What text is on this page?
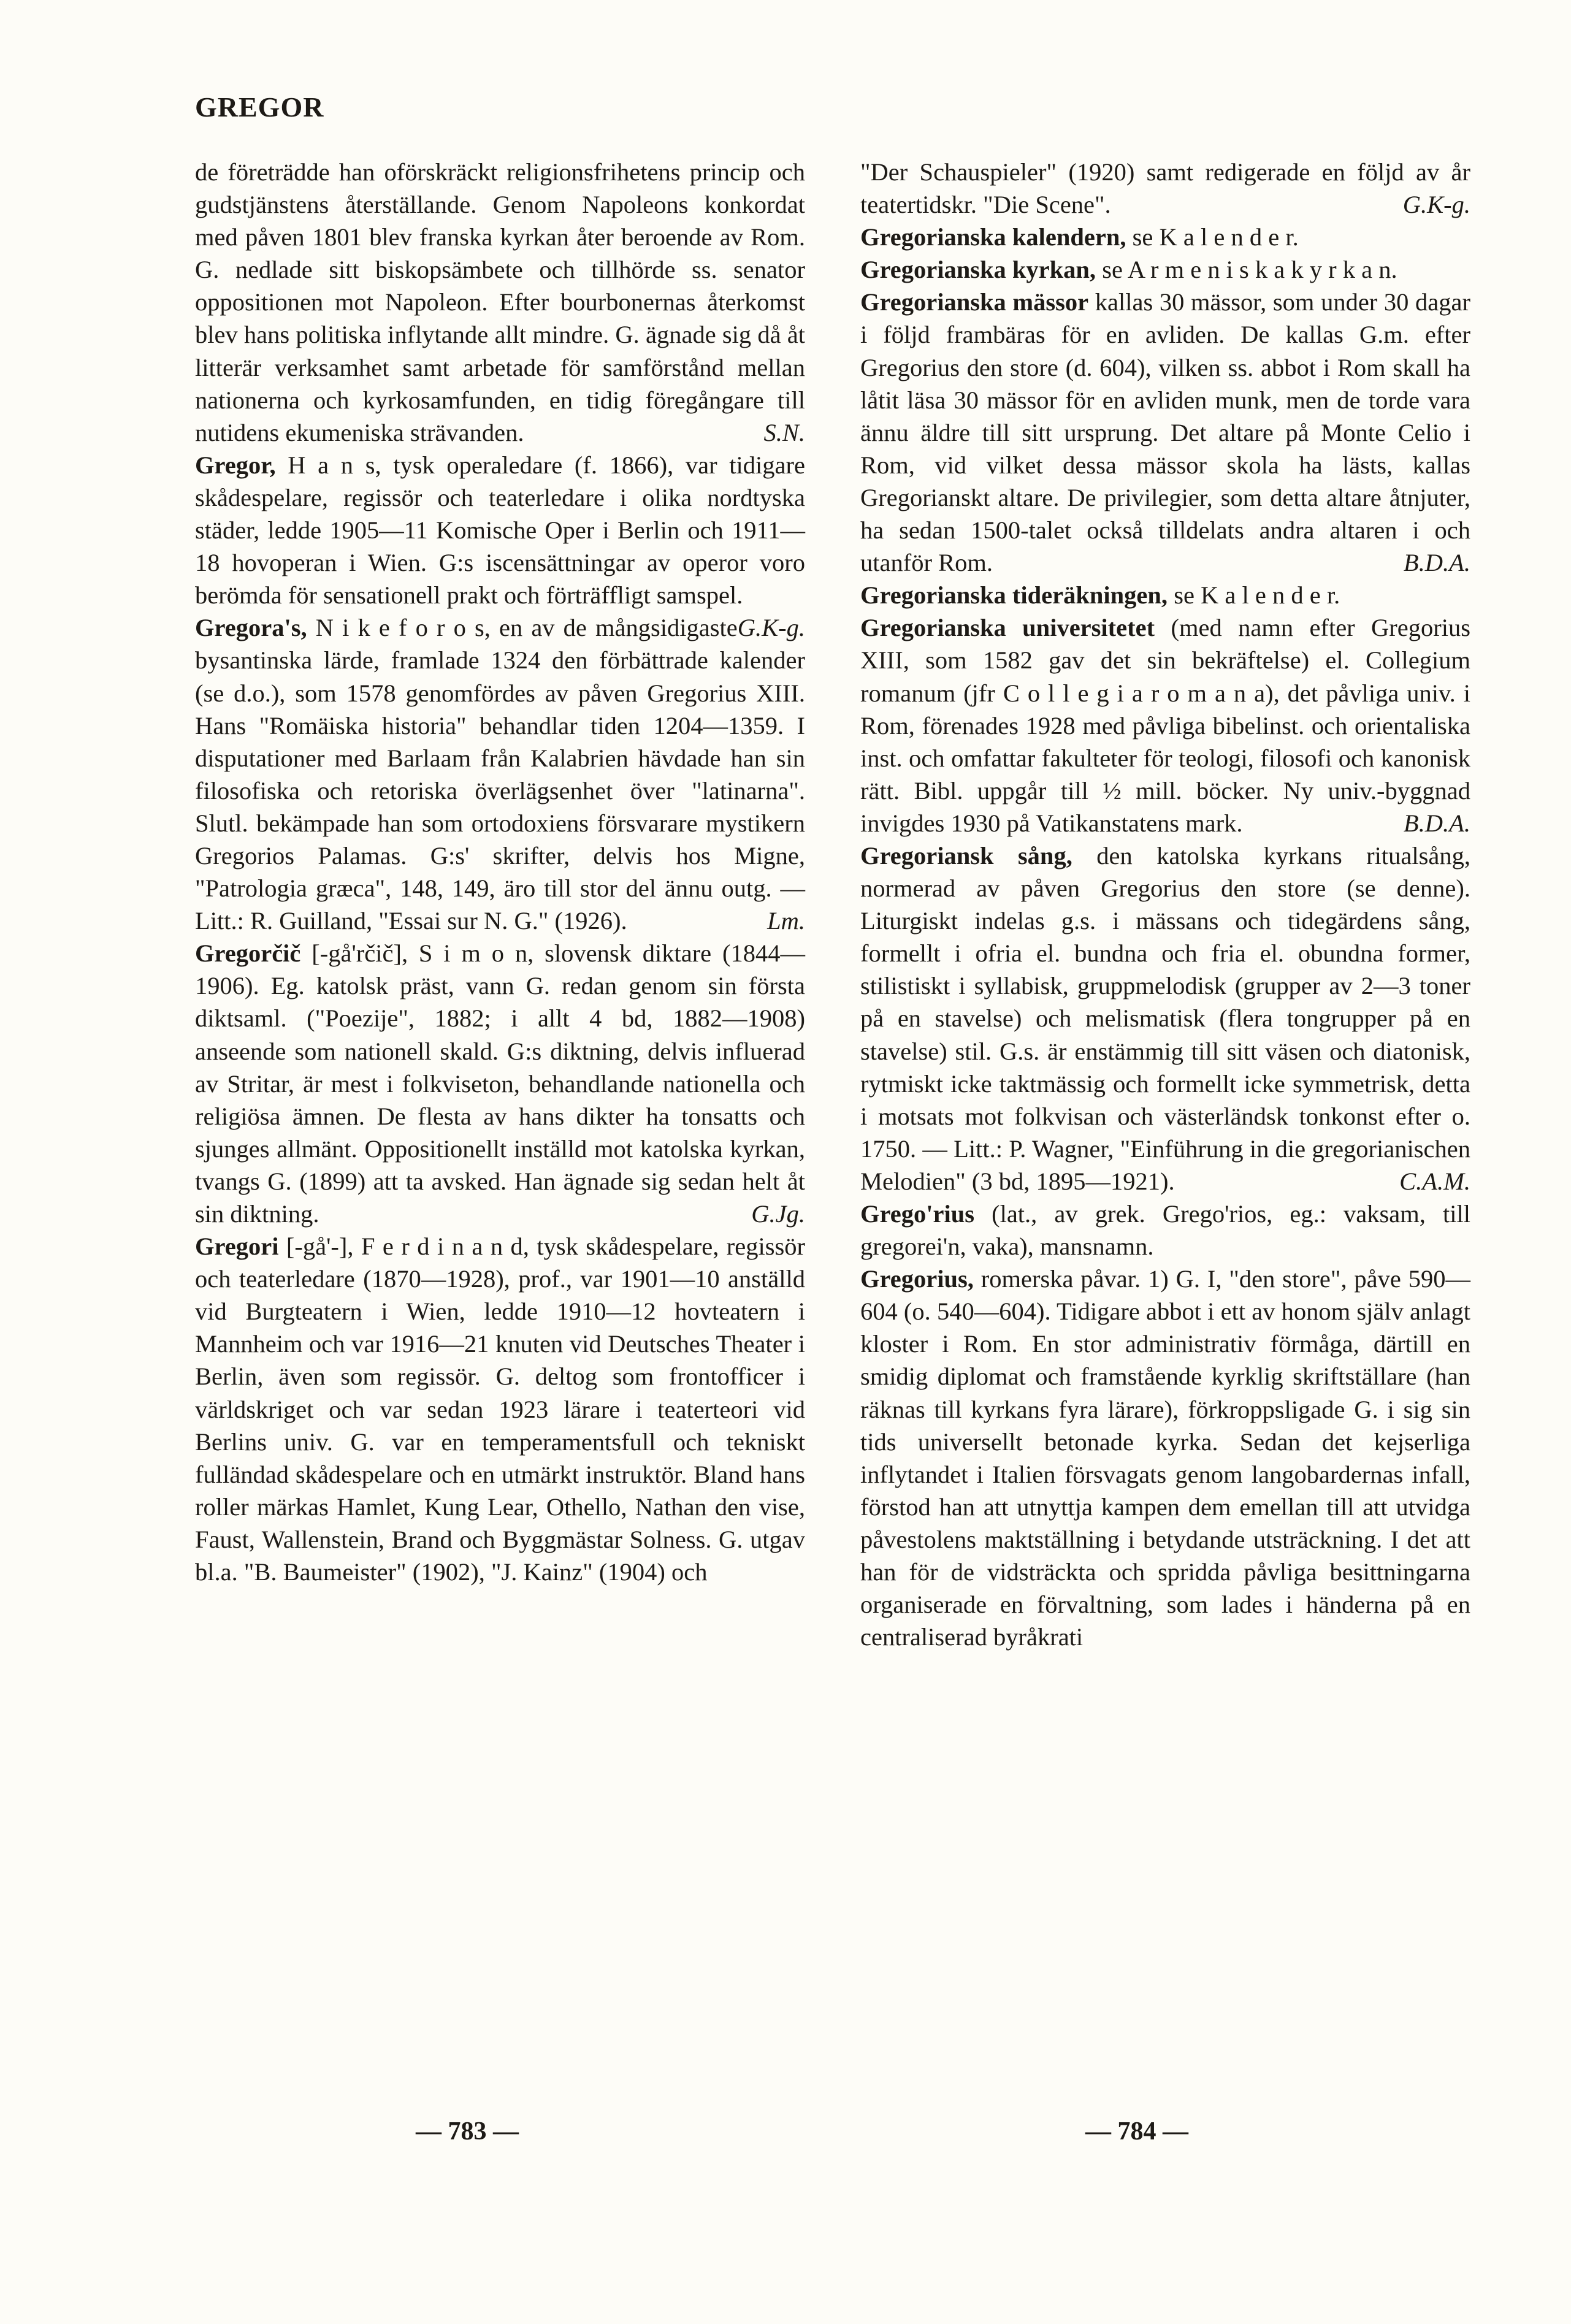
GREGOR

de företrädde han oförskräckt religionsfrihetens princip och gudstjänstens återställande. Genom Napoleons konkordat med påven 1801 blev franska kyrkan åter beroende av Rom. G. nedlade sitt biskopsämbete och tillhörde ss. senator oppositionen mot Napoleon. Efter bourbonernas återkomst blev hans politiska inflytande allt mindre. G. ägnade sig då åt litterär verksamhet samt arbetade för samförstånd mellan nationerna och kyrkosamfunden, en tidig föregångare till nutidens ekumeniska strävanden.	S.N.

Gregor, H a n s, tysk operaledare (f. 1866), var tidigare skådespelare, regissör och teaterledare i olika nordtyska städer, ledde 1905—11 Komische Oper i Berlin och 1911—18 hovoperan i Wien. G:s iscensättningar av operor voro berömda för sensationell prakt och förträffligt samspel.
G.K-g.

Gregora's, N i k e f o r o s, en av de mångsidigaste bysantinska lärde, framlade 1324 den förbättrade kalender (se d.o.), som 1578 genomfördes av påven Gregorius XIII. Hans "Romäiska historia" behandlar tiden 1204—1359. I disputationer med Barlaam från Kalabrien hävdade han sin filosofiska och retoriska överlägsenhet över "latinarna". Slutl. bekämpade han som ortodoxiens försvarare mystikern Gregorios Palamas. G:s' skrifter, delvis hos Migne, "Patrologia græca", 148, 149, äro till stor del ännu outg. — Litt.: R. Guilland, "Essai sur N. G." (1926).	Lm.

Gregorčič [-gå'rčič], S i m o n, slovensk diktare (1844—1906). Eg. katolsk präst, vann G. redan genom sin första diktsaml. ("Poezije", 1882; i allt 4 bd, 1882—1908) anseende som nationell skald. G:s diktning, delvis influerad av Stritar, är mest i folkviseton, behandlande nationella och religiösa ämnen. De flesta av hans dikter ha tonsatts och sjunges allmänt. Oppositionellt inställd mot katolska kyrkan, tvangs G. (1899) att ta avsked. Han ägnade sig sedan helt åt sin diktning.	G.Jg.

Gregori [-gå'-], F e r d i n a n d, tysk skådespelare, regissör och teaterledare (1870—1928), prof., var 1901—10 anställd vid Burgteatern i Wien, ledde 1910—12 hovteatern i Mannheim och var 1916—21 knuten vid Deutsches Theater i Berlin, även som regissör. G. deltog som frontofficer i världskriget och var sedan 1923 lärare i teaterteori vid Berlins univ. G. var en temperamentsfull och tekniskt fulländad skådespelare och en utmärkt instruktör. Bland hans roller märkas Hamlet, Kung Lear, Othello, Nathan den vise, Faust, Wallenstein, Brand och Byggmästar Solness. G. utgav bl.a. "B. Baumeister" (1902), "J. Kainz" (1904) och

"Der Schauspieler" (1920) samt redigerade en följd av år teatertidskr. "Die Scene".	G.K-g.

Gregorianska kalendern, se K a l e n d e r.

Gregorianska kyrkan, se A r m e n i s k a k y r k a n.

Gregorianska mässor kallas 30 mässor, som under 30 dagar i följd frambäras för en avliden. De kallas G.m. efter Gregorius den store (d. 604), vilken ss. abbot i Rom skall ha låtit läsa 30 mässor för en avliden munk, men de torde vara ännu äldre till sitt ursprung. Det altare på Monte Celio i Rom, vid vilket dessa mässor skola ha lästs, kallas Gregorianskt altare. De privilegier, som detta altare åtnjuter, ha sedan 1500-talet också tilldelats andra altaren i och utanför Rom.	B.D.A.

Gregorianska tideräkningen, se K a l e n d e r.

Gregorianska universitetet (med namn efter Gregorius XIII, som 1582 gav det sin bekräftelse) el. Collegium romanum (jfr C o l l e g i a r o m a n a), det påvliga univ. i Rom, förenades 1928 med påvliga bibelinst. och orientaliska inst. och omfattar fakulteter för teologi, filosofi och kanonisk rätt. Bibl. uppgår till ½ mill. böcker. Ny univ.-byggnad invigdes 1930 på Vatikanstatens mark.	B.D.A.

Gregoriansk sång, den katolska kyrkans ritualsång, normerad av påven Gregorius den store (se denne). Liturgiskt indelas g.s. i mässans och tidegärdens sång, formellt i ofria el. bundna och fria el. obundna former, stilistiskt i syllabisk, gruppmelodisk (grupper av 2—3 toner på en stavelse) och melismatisk (flera tongrupper på en stavelse) stil. G.s. är enstämmig till sitt väsen och diatonisk, rytmiskt icke taktmässig och formellt icke symmetrisk, detta i motsats mot folkvisan och västerländsk tonkonst efter o. 1750. — Litt.: P. Wagner, "Einführung in die gregorianischen Melodien" (3 bd, 1895—1921).	C.A.M.

Grego'rius (lat., av grek. Grego'rios, eg.: vaksam, till gregorei'n, vaka), mansnamn.

Gregorius, romerska påvar. 1) G. I, "den store", påve 590—604 (o. 540—604). Tidigare abbot i ett av honom själv anlagt kloster i Rom. En stor administrativ förmåga, därtill en smidig diplomat och framstående kyrklig skriftställare (han räknas till kyrkans fyra lärare), förkroppsligade G. i sig sin tids universellt betonade kyrka. Sedan det kejserliga inflytandet i Italien försvagats genom langobardernas infall, förstod han att utnyttja kampen dem emellan till att utvidga påvestolens maktställning i betydande utsträckning. I det att han för de vidsträckta och spridda påvliga besittningarna organiserade en förvaltning, som lades i händerna på en centraliserad byråkrati

— 783 —	— 784 —
